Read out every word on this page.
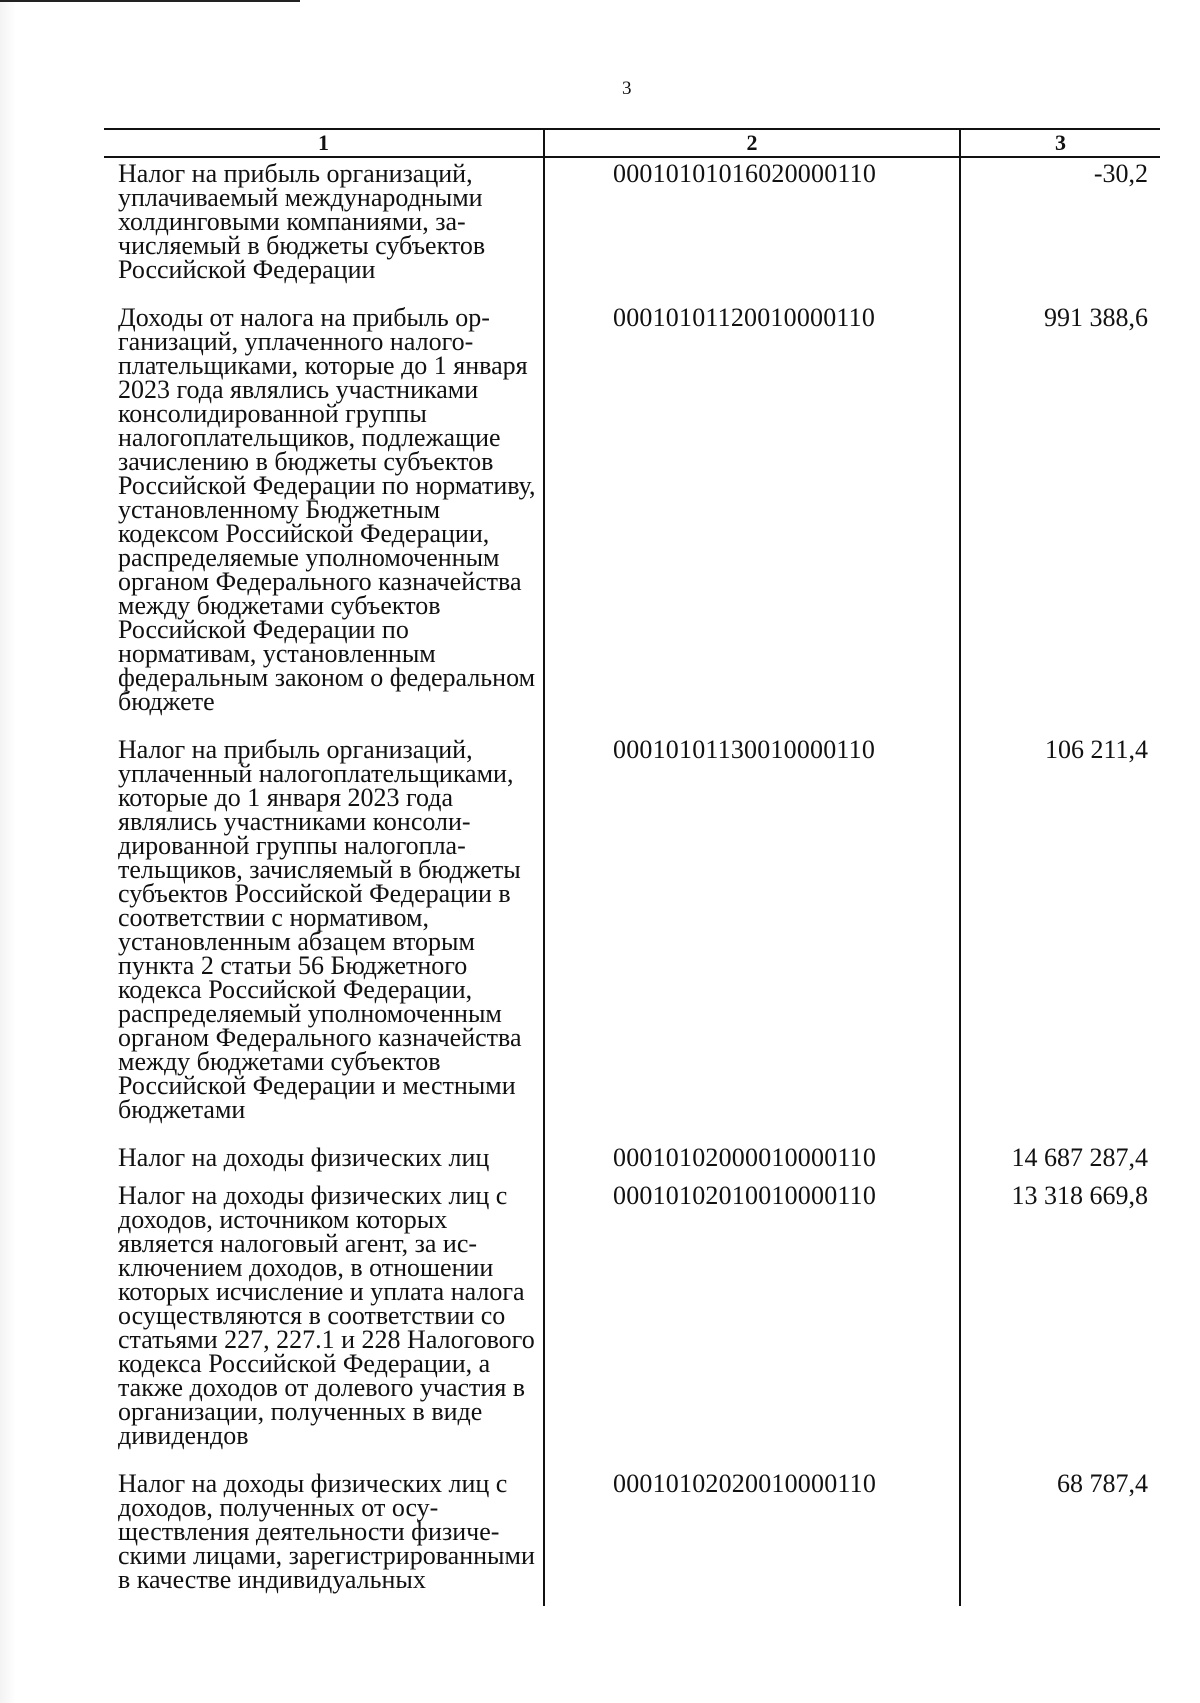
3
1	2	3
Налог на прибыль организаций, уплачиваемый международными холдинговыми компаниями, зачисляемый в бюджеты субъектов Российской Федерации	00010101016020000110	-30,2
Доходы от налога на прибыль организаций, уплаченного налогоплательщиками, которые до 1 января 2023 года являлись участниками консолидированной группы налогоплательщиков, подлежащие зачислению в бюджеты субъектов Российской Федерации по нормативу, установленному Бюджетным кодексом Российской Федерации, распределяемые уполномоченным органом Федерального казначейства между бюджетами субъектов Российской Федерации по нормативам, установленным федеральным законом о федеральном бюджете	00010101120010000110	991 388,6
Налог на прибыль организаций, уплаченный налогоплательщиками, которые до 1 января 2023 года являлись участниками консолидированной группы налогоплательщиков, зачисляемый в бюджеты субъектов Российской Федерации в соответствии с нормативом, установленным абзацем вторым пункта 2 статьи 56 Бюджетного кодекса Российской Федерации, распределяемый уполномоченным органом Федерального казначейства между бюджетами субъектов Российской Федерации и местными бюджетами	00010101130010000110	106 211,4
Налог на доходы физических лиц	00010102000010000110	14 687 287,4
Налог на доходы физических лиц с доходов, источником которых является налоговый агент, за исключением доходов, в отношении которых исчисление и уплата налога осуществляются в соответствии со статьями 227, 227.1 и 228 Налогового кодекса Российской Федерации, а также доходов от долевого участия в организации, полученных в виде дивидендов	00010102010010000110	13 318 669,8
Налог на доходы физических лиц с доходов, полученных от осуществления деятельности физическими лицами, зарегистрированными в качестве индивидуальных	00010102020010000110	68 787,4
